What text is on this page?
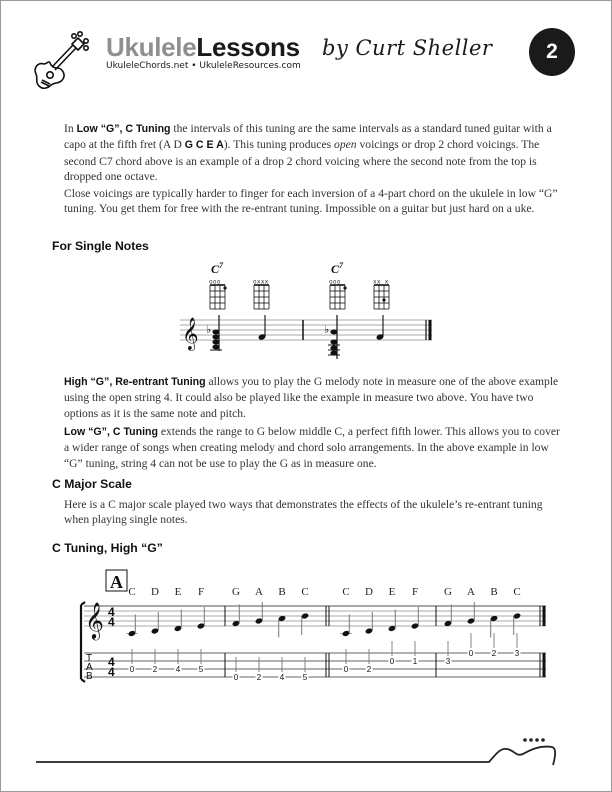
UkuleleLessons by Curt Sheller
UkuleleChords.net • UkuleleResources.com
2

In Low “G”, C Tuning the intervals of this tuning are the same intervals as a standard tuned guitar with a capo at the fifth fret (A D G C E A). This tuning produces open voicings or drop 2 chord voicings. The second C7 chord above is an example of a drop 2 chord voicing where the second note from the top is dropped one octave.

Close voicings are typically harder to finger for each inversion of a 4-part chord on the ukulele in low “G” tuning. You get them for free with the re-entrant tuning. Impossible on a guitar but just hard on a uke.

For Single Notes
$C^7$
ooo	oxxx
$C^7$
ooo	xx x
𝄞 ♭	♭

High “G”, Re-entrant Tuning allows you to play the G melody note in measure one of the above example using the open string 4. It could also be played like the example in measure two above. You have two options as it is the same note and pitch.

Low “G”, C Tuning extends the range to G below middle C, a perfect fifth lower. This allows you to cover a wider range of songs when creating melody and chord solo arrangements. In the above example in low “G” tuning, string 4 can not be use to play the G as in measure one.

C Major Scale

Here is a C major scale played two ways that demonstrates the effects of the ukulele’s re-entrant tuning when playing single notes.

C Tuning, High “G”
A
𝄞 4
4
T
A
B
4
4
C
0
D
2
E
4
F
5
G
0
A
2
B
4
C
5
C
0
D
2
E
0
F
1
G
3
A
0
B
2
C
3
